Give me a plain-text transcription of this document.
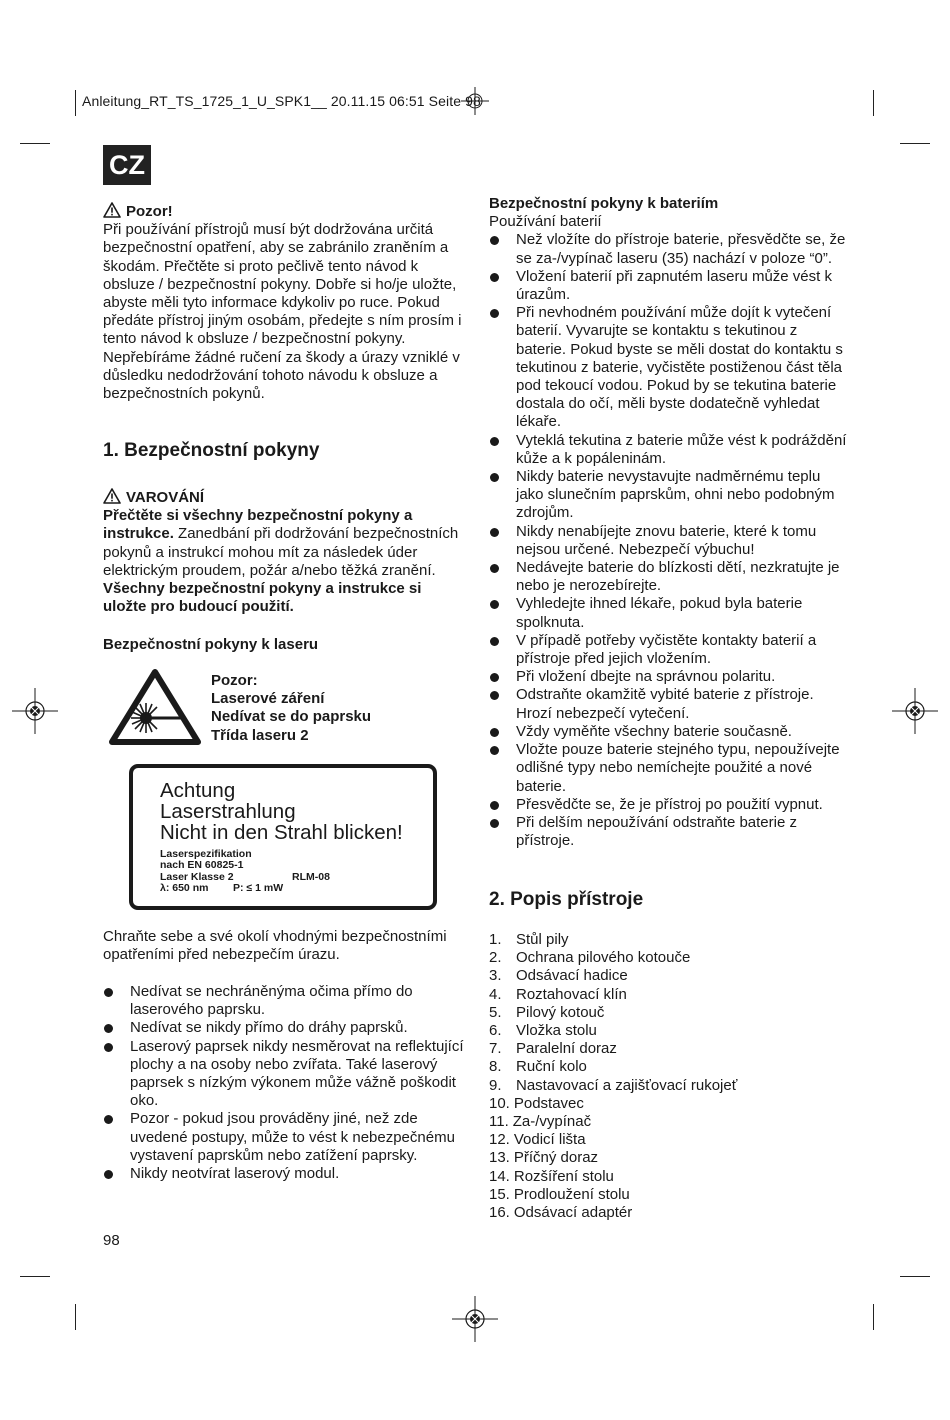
Anleitung_RT_TS_1725_1_U_SPK1__ 20.11.15 06:51 Seite 98
CZ

Pozor!

Při používání přístrojů musí být dodržována určitá bezpečnostní opatření, aby se zabránilo zraněním a škodám. Přečtěte si proto pečlivě tento návod k obsluze / bezpečnostní pokyny. Dobře si ho/je uložte, abyste měli tyto informace kdykoliv po ruce. Pokud předáte přístroj jiným osobám, předejte s ním prosím i tento návod k obsluze / bezpečnostní pokyny. Nepřebíráme žádné ručení za škody a úrazy vzniklé v důsledku nedodržování tohoto návodu k obsluze a bezpečnostních pokynů.

1. Bezpečnostní pokyny

VAROVÁNÍ

Přečtěte si všechny bezpečnostní pokyny a instrukce. Zanedbání při dodržování bezpečnostních pokynů a instrukcí mohou mít za následek úder elektrickým proudem, požár a/nebo těžká zranění.

Všechny bezpečnostní pokyny a instrukce si uložte pro budoucí použití.

Bezpečnostní pokyny k laseru

Pozor:

Laserové záření

Nedívat se do paprsku

Třída laseru 2

Achtung
Laserstrahlung
Nicht in den Strahl blicken!
Laserspezifikation
nach EN 60825-1
Laser Klasse 2	RLM-08
λ: 650 nm P: ≤ 1 mW
Chraňte sebe a své okolí vhodnými bezpečnostními opatřeními před nebezpečím úrazu.
Nedívat se nechráněnýma očima přímo do laserového paprsku.
Nedívat se nikdy přímo do dráhy paprsků.
Laserový paprsek nikdy nesměrovat na reflektující plochy a na osoby nebo zvířata. Také laserový paprsek s nízkým výkonem může vážně poškodit oko.
Pozor - pokud jsou prováděny jiné, než zde uvedené postupy, může to vést k nebezpečnému vystavení paprskům nebo zatížení paprsky.
Nikdy neotvírat laserový modul.
98

Bezpečnostní pokyny k bateriím

Používání baterií

Než vložíte do přístroje baterie, přesvědčte se, že se za-/vypínač laseru (35) nachází v poloze “0”.
Vložení baterií při zapnutém laseru může vést k úrazům.
Při nevhodném používání může dojít k vytečení baterií. Vyvarujte se kontaktu s tekutinou z baterie. Pokud byste se měli dostat do kontaktu s tekutinou z baterie, vyčistěte postiženou část těla pod tekoucí vodou. Pokud by se tekutina baterie dostala do očí, měli byste dodatečně vyhledat lékaře.
Vyteklá tekutina z baterie může vést k podráždění kůže a k popáleninám.
Nikdy baterie nevystavujte nadměrnému teplu jako slunečním paprskům, ohni nebo podobným zdrojům.
Nikdy nenabíjejte znovu baterie, které k tomu nejsou určené. Nebezpečí výbuchu!
Nedávejte baterie do blízkosti dětí, nezkratujte je nebo je nerozebírejte.
Vyhledejte ihned lékaře, pokud byla baterie spolknuta.
V případě potřeby vyčistěte kontakty baterií a přístroje před jejich vložením.
Při vložení dbejte na správnou polaritu.
Odstraňte okamžitě vybité baterie z přístroje. Hrozí nebezpečí vytečení.
Vždy vyměňte všechny baterie současně.
Vložte pouze baterie stejného typu, nepoužívejte odlišné typy nebo nemíchejte použité a nové baterie.
Přesvědčte se, že je přístroj po použití vypnut.
Při delším nepoužívání odstraňte baterie z přístroje.
2. Popis přístroje
1. Stůl pily
2. Ochrana pilového kotouče
3. Odsávací hadice
4. Roztahovací klín
5. Pilový kotouč
6. Vložka stolu
7. Paralelní doraz
8. Ruční kolo
9. Nastavovací a zajišťovací rukojeť
10. Podstavec
11. Za-/vypínač
12. Vodicí lišta
13. Příčný doraz
14. Rozšíření stolu
15. Prodloužení stolu
16. Odsávací adaptér
